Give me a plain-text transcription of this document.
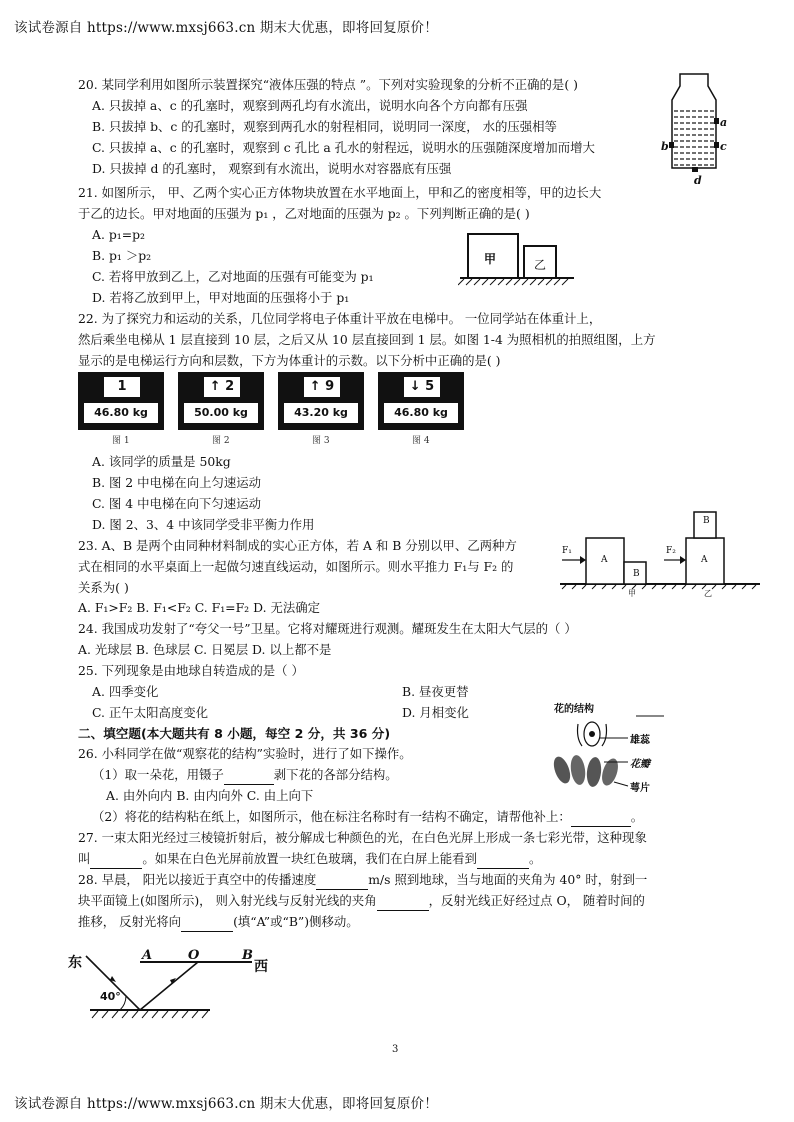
该试卷源自 https://www.mxsj663.cn 期末大优惠，即将回复原价！
该试卷源自 https://www.mxsj663.cn 期末大优惠，即将回复原价！
3
20. 某同学利用如图所示装置探究“液体压强的特点 ”。下列对实验现象的分析不正确的是( )
A. 只拔掉 a、c 的孔塞时，观察到两孔均有水流出，说明水向各个方向都有压强
B. 只拔掉 b、c 的孔塞时，观察到两孔水的射程相同，说明同一深度， 水的压强相等
C. 只拔掉 a、c 的孔塞时，观察到 c 孔比 a 孔水的射程远，说明水的压强随深度增加而增大
D. 只拔掉 d 的孔塞时， 观察到有水流出，说明水对容器底有压强
a
b	c
d
21. 如图所示， 甲、乙两个实心正方体物块放置在水平地面上，甲和乙的密度相等，甲的边长大
于乙的边长。甲对地面的压强为 p₁ ，乙对地面的压强为 p₂ 。下列判断正确的是( )
A. p₁=p₂
B. p₁ ＞p₂
C. 若将甲放到乙上，乙对地面的压强有可能变为 p₁
D. 若将乙放到甲上，甲对地面的压强将小于 p₁
甲	乙
22. 为了探究力和运动的关系，几位同学将电子体重计平放在电梯中。 一位同学站在体重计上，
然后乘坐电梯从 1 层直接到 10 层，之后又从 10 层直接回到 1 层。如图 1-4 为照相机的拍照组图，上方
显示的是电梯运行方向和层数，下方为体重计的示数。以下分析中正确的是( )
1
46.80 kg
↑ 2
50.00 kg
↑ 9
43.20 kg
↓ 5
46.80 kg
图 1	图 2	图 3	图 4
A. 该同学的质量是 50kg
B. 图 2 中电梯在向上匀速运动
C. 图 4 中电梯在向下匀速运动
D. 图 2、3、4 中该同学受非平衡力作用
23. A、B 是两个由同种材料制成的实心正方体，若 A 和 B 分别以甲、乙两种方
式在相同的水平桌面上一起做匀速直线运动，如图所示。则水平推力 F₁与 F₂ 的
关系为( )
A. F₁>F₂ B. F₁<F₂ C. F₁=F₂ D. 无法确定
F₁	F₂
A
B
A
B
甲	乙
24. 我国成功发射了“夸父一号”卫星。它将对耀斑进行观测。耀斑发生在太阳大气层的（ ）
A. 光球层 B. 色球层 C. 日冕层 D. 以上都不是
25. 下列现象是由地球自转造成的是（ ）
A. 四季变化	B. 昼夜更替
C. 正午太阳高度变化	D. 月相变化
二、填空题(本大题共有 8 小题，每空 2 分，共 36 分)
26. 小科同学在做“观察花的结构”实验时，进行了如下操作。
（1）取一朵花，用镊子	剥下花的各部分结构。
A. 由外向内 B. 由内向外 C. 由上向下
（2）将花的结构粘在纸上，如图所示，他在标注名称时有一结构不确定，请帮他补上：	。
花的结构
雄蕊
花瓣
萼片
27. 一束太阳光经过三棱镜折射后，被分解成七种颜色的光，在白色光屏上形成一条七彩光带，这种现象
叫	。如果在白色光屏前放置一块红色玻璃，我们在白屏上能看到	。
28. 早晨， 阳光以接近于真空中的传播速度	m/s 照到地球，当与地面的夹角为 40° 时，射到一
块平面镜上(如图所示)， 则入射光线与反射光线的夹角	，反射光线正好经过点 O， 随着时间的
推移， 反射光将向	(填“A”或“B”)侧移动。
东	A	O	B
西
40°
